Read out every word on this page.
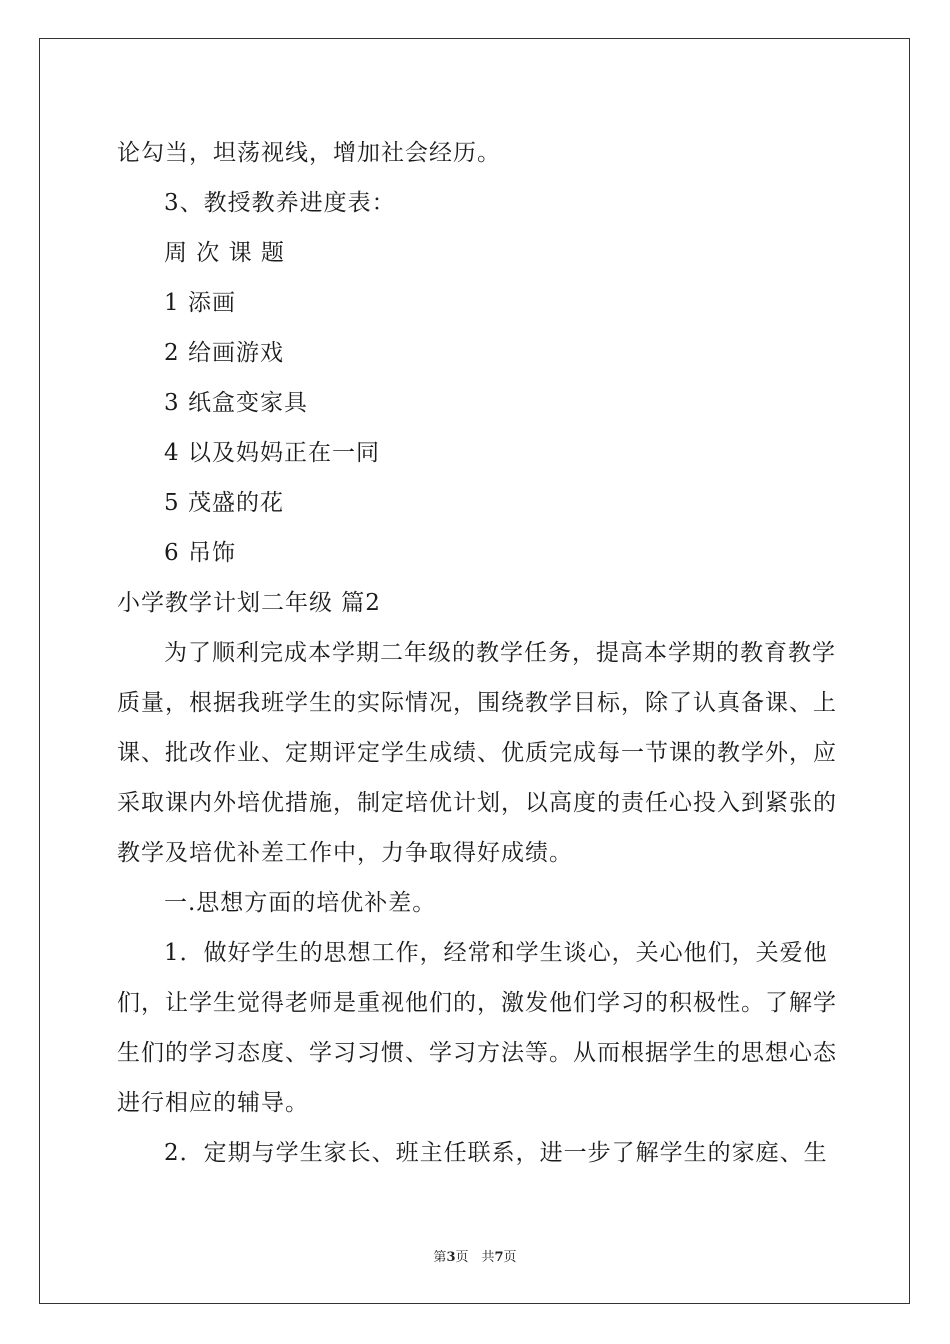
论勾当，坦荡视线，增加社会经历。
3、教授教养进度表：
周 次 课 题
1 添画
2 给画游戏
3 纸盒变家具
4 以及妈妈正在一同
5 茂盛的花
6 吊饰
小学教学计划二年级 篇2
为了顺利完成本学期二年级的教学任务，提高本学期的教育教学
质量，根据我班学生的实际情况，围绕教学目标，除了认真备课、上
课、批改作业、定期评定学生成绩、优质完成每一节课的教学外，应
采取课内外培优措施，制定培优计划，以高度的责任心投入到紧张的
教学及培优补差工作中，力争取得好成绩。
一.思想方面的培优补差。
1．做好学生的思想工作，经常和学生谈心，关心他们，关爱他
们，让学生觉得老师是重视他们的，激发他们学习的积极性。了解学
生们的学习态度、学习习惯、学习方法等。从而根据学生的思想心态
进行相应的辅导。
2．定期与学生家长、班主任联系，进一步了解学生的家庭、生
第3页　共7页
